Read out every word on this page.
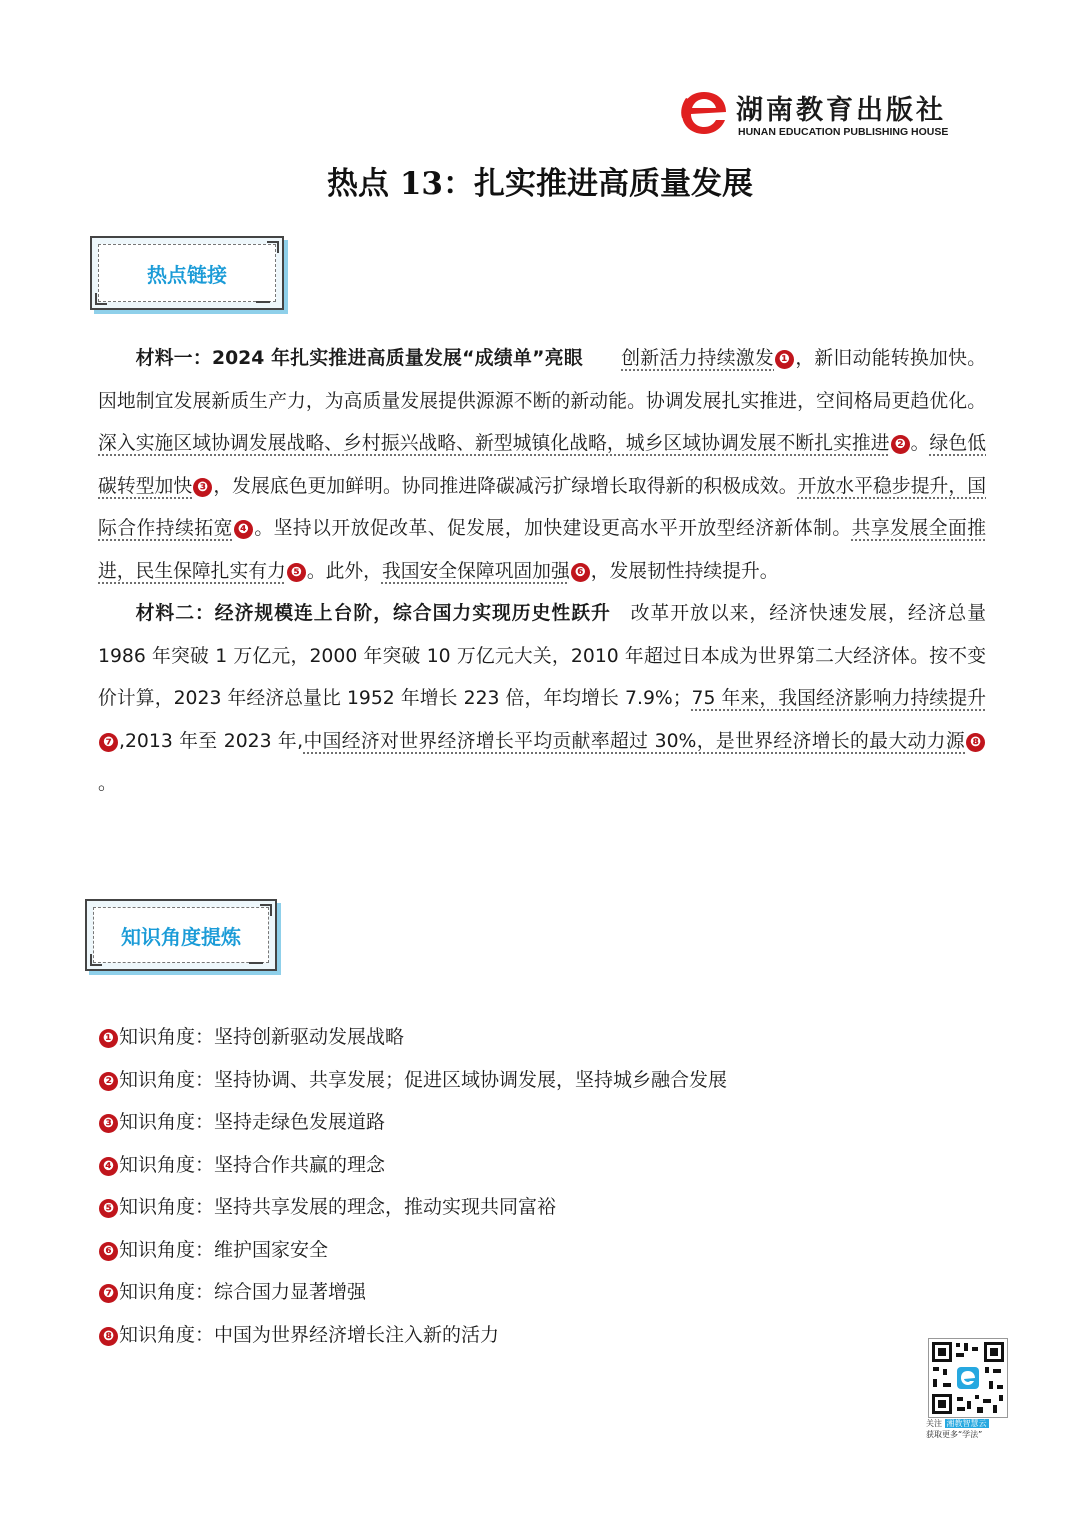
湖南教育出版社
HUNAN EDUCATION PUBLISHING HOUSE
热点 13：扎实推进高质量发展
热点链接

材料一：2024 年扎实推进高质量发展“成绩单”亮眼　　 创新活力持续激发 ❶ ，新旧动能转换加快。因地制宜发展新质生产力，为高质量发展提供源源不断的新动能。协调发展扎实推进，空间格局更趋优化。深入实施区域协调发展战略、乡村振兴战略、新型城镇化战略，城乡区域协调发展不断扎实推进 ❷ 。绿色低碳转型加快 ❸ ，发展底色更加鲜明。协同推进降碳减污扩绿增长取得新的积极成效。开放水平稳步提升，国际合作持续拓宽 ❹ 。坚持以开放促改革、促发展，加快建设更高水平开放型经济新体制。共享发展全面推进，民生保障扎实有力 ❺ 。此外，我国安全保障巩固加强 ❻ ，发展韧性持续提升。

材料二：经济规模连上台阶，综合国力实现历史性跃升　 改革开放以来，经济快速发展，经济总量 1986 年突破 1 万亿元，2000 年突破 10 万亿元大关，2010 年超过日本成为世界第二大经济体。按不变价计算，2023 年经济总量比 1952 年增长 223 倍，年均增长 7.9%；75 年来，我国经济影响力持续提升❼ ,2013 年至 2023 年,中国经济对世界经济增长平均贡献率超过 30%，是世界经济增长的最大动力源 ❽。

知识角度提炼
❶ 知识角度：坚持创新驱动发展战略
❷ 知识角度：坚持协调、共享发展；促进区域协调发展，坚持城乡融合发展
❸ 知识角度：坚持走绿色发展道路
❹ 知识角度：坚持合作共赢的理念
❺ 知识角度：坚持共享发展的理念，推动实现共同富裕
❻ 知识角度：维护国家安全
❼ 知识角度：综合国力显著增强
❽ 知识角度：中国为世界经济增长注入新的活力
关注 湘教智慧云
获取更多“学法”
